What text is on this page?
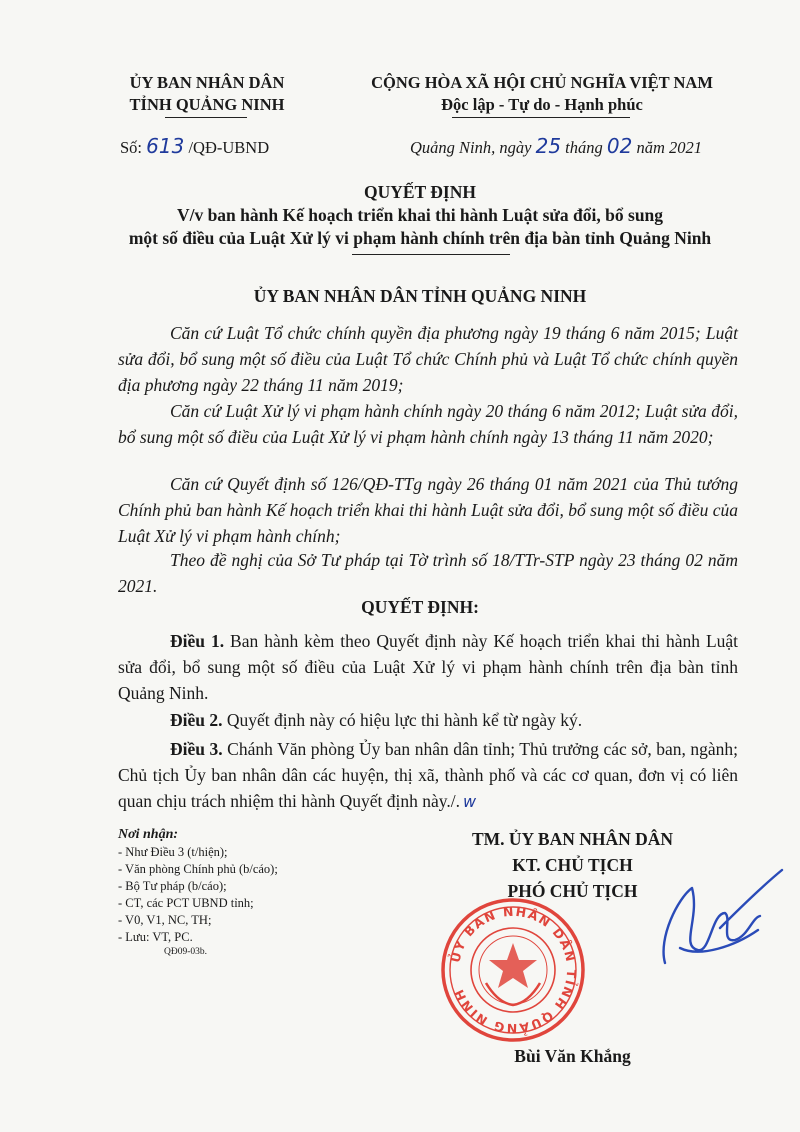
ỦY BAN NHÂN DÂN
TỈNH QUẢNG NINH
CỘNG HÒA XÃ HỘI CHỦ NGHĨA VIỆT NAM
Độc lập - Tự do - Hạnh phúc
Số: 613 /QĐ-UBND	Quảng Ninh, ngày 25 tháng 02 năm 2021
QUYẾT ĐỊNH
V/v ban hành Kế hoạch triển khai thi hành Luật sửa đổi, bổ sung
một số điều của Luật Xử lý vi phạm hành chính trên địa bàn tỉnh Quảng Ninh
ỦY BAN NHÂN DÂN TỈNH QUẢNG NINH
Căn cứ Luật Tổ chức chính quyền địa phương ngày 19 tháng 6 năm 2015; Luật sửa đổi, bổ sung một số điều của Luật Tổ chức Chính phủ và Luật Tổ chức chính quyền địa phương ngày 22 tháng 11 năm 2019;
Căn cứ Luật Xử lý vi phạm hành chính ngày 20 tháng 6 năm 2012; Luật sửa đổi, bổ sung một số điều của Luật Xử lý vi phạm hành chính ngày 13 tháng 11 năm 2020;
Căn cứ Quyết định số 126/QĐ-TTg ngày 26 tháng 01 năm 2021 của Thủ tướng Chính phủ ban hành Kế hoạch triển khai thi hành Luật sửa đổi, bổ sung một số điều của Luật Xử lý vi phạm hành chính;
Theo đề nghị của Sở Tư pháp tại Tờ trình số 18/TTr-STP ngày 23 tháng 02 năm 2021.
QUYẾT ĐỊNH:
Điều 1. Ban hành kèm theo Quyết định này Kế hoạch triển khai thi hành Luật sửa đổi, bổ sung một số điều của Luật Xử lý vi phạm hành chính trên địa bàn tỉnh Quảng Ninh.
Điều 2. Quyết định này có hiệu lực thi hành kể từ ngày ký.
Điều 3. Chánh Văn phòng Ủy ban nhân dân tỉnh; Thủ trưởng các sở, ban, ngành; Chủ tịch Ủy ban nhân dân các huyện, thị xã, thành phố và các cơ quan, đơn vị có liên quan chịu trách nhiệm thi hành Quyết định này./. w
Nơi nhận:
- Như Điều 3 (t/hiện);
- Văn phòng Chính phủ (b/cáo);
- Bộ Tư pháp (b/cáo);
- CT, các PCT UBND tỉnh;
- V0, V1, NC, TH;
- Lưu: VT, PC.
QĐ09-03b.
TM. ỦY BAN NHÂN DÂN
KT. CHỦ TỊCH
PHÓ CHỦ TỊCH
ỦY BAN NHÂN DÂN TỈNH QUẢNG NINH
Bùi Văn Khắng
